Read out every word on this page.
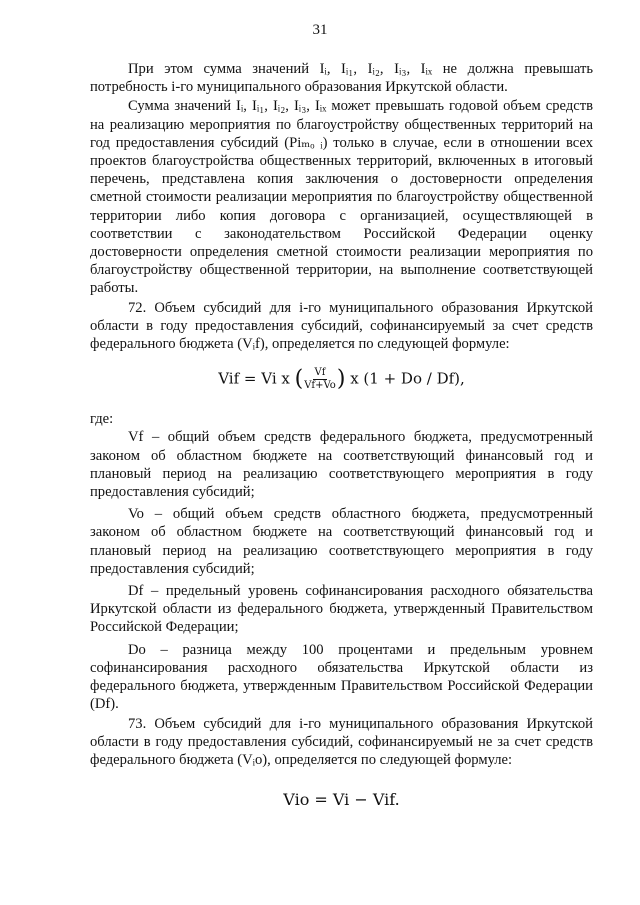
31

При этом сумма значений Iᵢ, Iᵢ₁, Iᵢ₂, Iᵢ₃, Iᵢₓ не должна превышать потребность i-го муниципального образования Иркутской области.

Сумма значений Iᵢ, Iᵢ₁, Iᵢ₂, Iᵢ₃, Iᵢₓ может превышать годовой объем средств на реализацию мероприятия по благоустройству общественных территорий на год предоставления субсидий (Piₘₒ ᵢ) только в случае, если в отношении всех проектов благоустройства общественных территорий, включенных в итоговый перечень, представлена копия заключения о достоверности определения сметной стоимости реализации мероприятия по благоустройству общественной территории либо копия договора с организацией, осуществляющей в соответствии с законодательством Российской Федерации оценку достоверности определения сметной стоимости реализации мероприятия по благоустройству общественной территории, на выполнение соответствующей работы.

72. Объем субсидий для i-го муниципального образования Иркутской области в году предоставления субсидий, софинансируемый за счет средств федерального бюджета (Vᵢf), определяется по следующей формуле:

Vif = Vi x ( $\frac{Vf}{Vf+Vo}$ ) x (1 + Do / Df),

где:

Vf – общий объем средств федерального бюджета, предусмотренный законом об областном бюджете на соответствующий финансовый год и плановый период на реализацию соответствующего мероприятия в году предоставления субсидий;

Vo – общий объем средств областного бюджета, предусмотренный законом об областном бюджете на соответствующий финансовый год и плановый период на реализацию соответствующего мероприятия в году предоставления субсидий;

Df – предельный уровень софинансирования расходного обязательства Иркутской области из федерального бюджета, утвержденный Правительством Российской Федерации;

Do – разница между 100 процентами и предельным уровнем софинансирования расходного обязательства Иркутской области из федерального бюджета, утвержденным Правительством Российской Федерации (Df).

73. Объем субсидий для i-го муниципального образования Иркутской области в году предоставления субсидий, софинансируемый не за счет средств федерального бюджета (Vᵢo), определяется по следующей формуле:

Vio = Vi − Vif.
